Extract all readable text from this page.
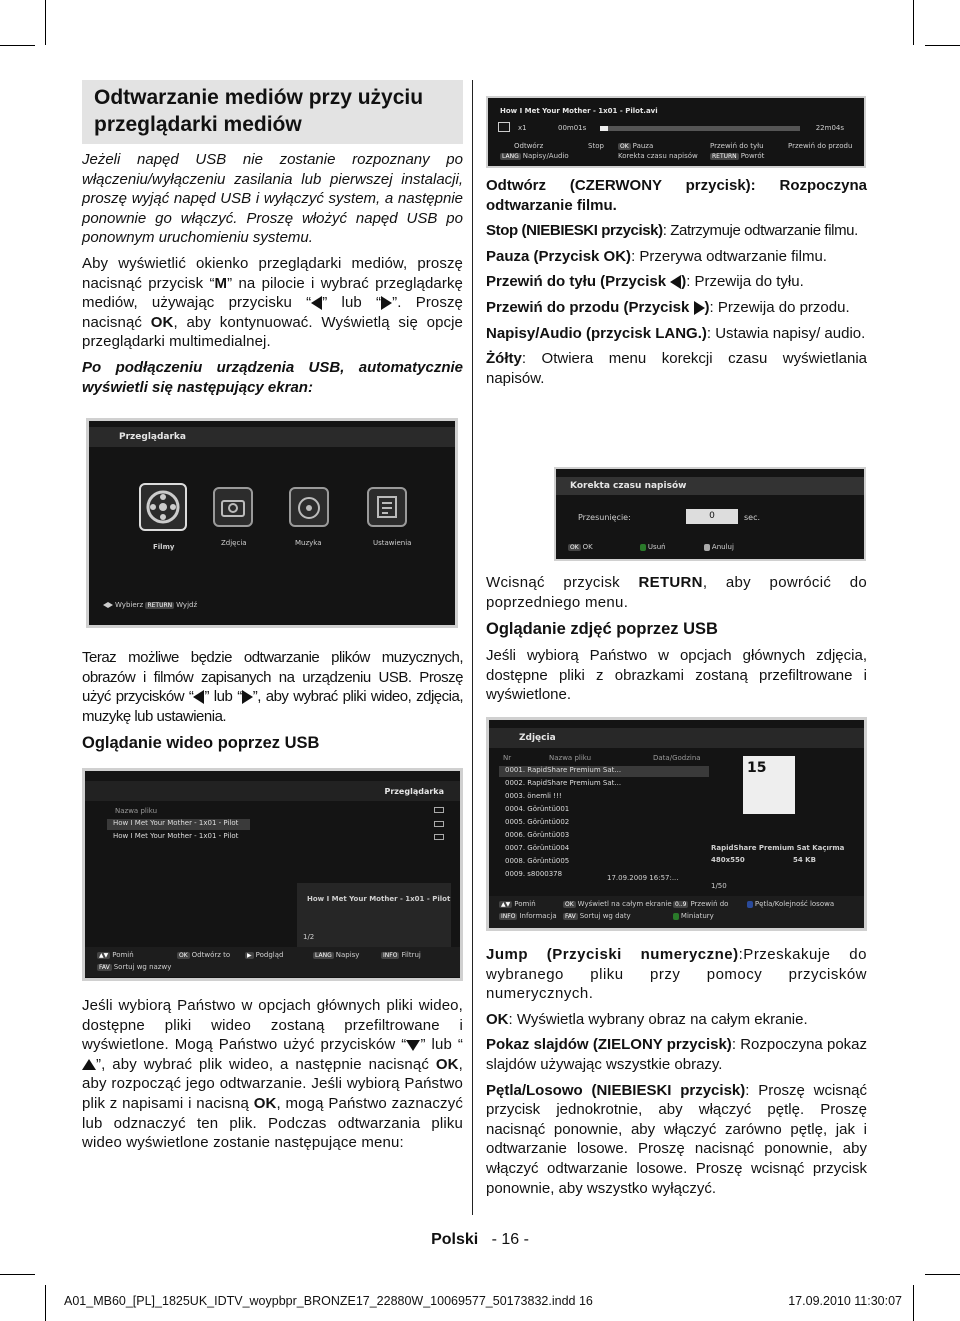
Odtwarzanie mediów przy użyciu przeglądarki mediów

Jeżeli napęd USB nie zostanie rozpoznany po włączeniu/wyłączeniu zasilania lub pierwszej instalacji, proszę wyjąć napęd USB i wyłączyć system, a następnie ponownie go włączyć. Proszę włożyć napęd USB po ponownym uruchomieniu systemu.

Aby wyświetlić okienko przeglądarki mediów, proszę nacisnąć przycisk “M” na pilocie i wybrać przeglądarkę mediów, używając przycisku “ ” lub “ ”. Proszę nacisnąć OK, aby kontynuować. Wyświetlą się opcje przeglądarki multimedialnej.

Po podłączeniu urządzenia USB, automatycznie wyświetli się następujący ekran:

Przeglądarka
Filmy	Zdjęcia	Muzyka	Ustawienia
Wybierz RETURN Wyjdź

Teraz możliwe będzie odtwarzanie plików muzycznych, obrazów i filmów zapisanych na urządzeniu USB. Proszę użyć przycisków “ ” lub “ ”, aby wybrać pliki wideo, zdjęcia, muzykę lub ustawienia.

Oglądanie wideo poprzez USB
Przeglądarka
Nazwa pliku
How I Met Your Mother - 1x01 - Pilot
How I Met Your Mother - 1x01 - Pilot
How I Met Your Mother - 1x01 - Pilot
1/2
▲▼ Pomiń	OK Odtwórz to	▶ Podgląd	LANG Napisy	INFO Filtruj
FAV Sortuj wg nazwy

Jeśli wybiorą Państwo w opcjach głównych pliki wideo, dostępne pliki wideo zostaną przefiltrowane i wyświetlone. Mogą Państwo użyć przycisków “ ” lub “”, aby wybrać plik wideo, a następnie nacisnąć OK, aby rozpocząć jego odtwarzanie. Jeśli wybiorą Państwo plik z napisami i nacisną OK, mogą Państwo zaznaczyć lub odznaczyć ten plik. Podczas odtwarzania pliku wideo wyświetlone zostanie następujące menu:

How I Met Your Mother - 1x01 - Pilot.avi
x1	00m01s	22m04s
Odtwórz
LANG Napisy/Audio
Stop
Korekta czasu napisów
OK Pauza
RETURN Powrót
Przewiń do tyłu	Przewiń do przodu

Odtwórz (CZERWONY przycisk): Rozpoczyna odtwarzanie filmu.

Stop (NIEBIESKI przycisk): Zatrzymuje odtwarzanie filmu.

Pauza (Przycisk OK): Przerywa odtwarzanie filmu.

Przewiń do tyłu (Przycisk ): Przewija do tyłu.

Przewiń do przodu (Przycisk ): Przewija do przodu.

Napisy/Audio (przycisk LANG.): Ustawia napisy/ audio.

Żółty: Otwiera menu korekcji czasu wyświetlania napisów.

Korekta czasu napisów
Przesunięcie:	0	sec.
OK OK	Usuń	Anuluj

Wcisnąć przycisk RETURN, aby powrócić do poprzedniego menu.

Oglądanie zdjęć poprzez USB

Jeśli wybiorą Państwo w opcjach głównych zdjęcia, dostępne pliki z obrazkami zostaną przefiltrowane i wyświetlone.

Zdjęcia
Nr	Nazwa pliku	Data/Godzina
0001. RapidShare Premium Sat...
0002. RapidShare Premium Sat...
0003. önemli !!!
0004. Görüntü001
0005. Görüntü002
0006. Görüntü003
0007. Görüntü004
0008. Görüntü005
0009. s8000378	17.09.2009 16:57:...
15
RapidShare Premium Sat Kaçırma
480x550	54 KB
1/50
▲▼ Pomiń
INFO Informacja
OK Wyświetl na całym ekranie
FAV Sortuj wg daty
0..9 Przewiń do
Miniatury
Pętla/Kolejność losowa

Jump (Przyciski numeryczne):Przeskakuje do wybranego pliku przy pomocy przycisków numerycznych.

OK: Wyświetla wybrany obraz na całym ekranie.

Pokaz slajdów (ZIELONY przycisk): Rozpoczyna pokaz slajdów używając wszystkie obrazy.

Pętla/Losowo (NIEBIESKI przycisk): Proszę wcisnąć przycisk jednokrotnie, aby włączyć pętlę. Proszę nacisnąć ponownie, aby włączyć zarówno pętlę, jak i odtwarzanie losowe. Proszę nacisnąć ponownie, aby włączyć odtwarzanie losowe. Proszę wcisnąć przycisk ponownie, aby wszystko wyłączyć.

Polski - 16 -
A01_MB60_[PL]_1825UK_IDTV_woypbpr_BRONZE17_22880W_10069577_50173832.indd 16	17.09.2010 11:30:07
